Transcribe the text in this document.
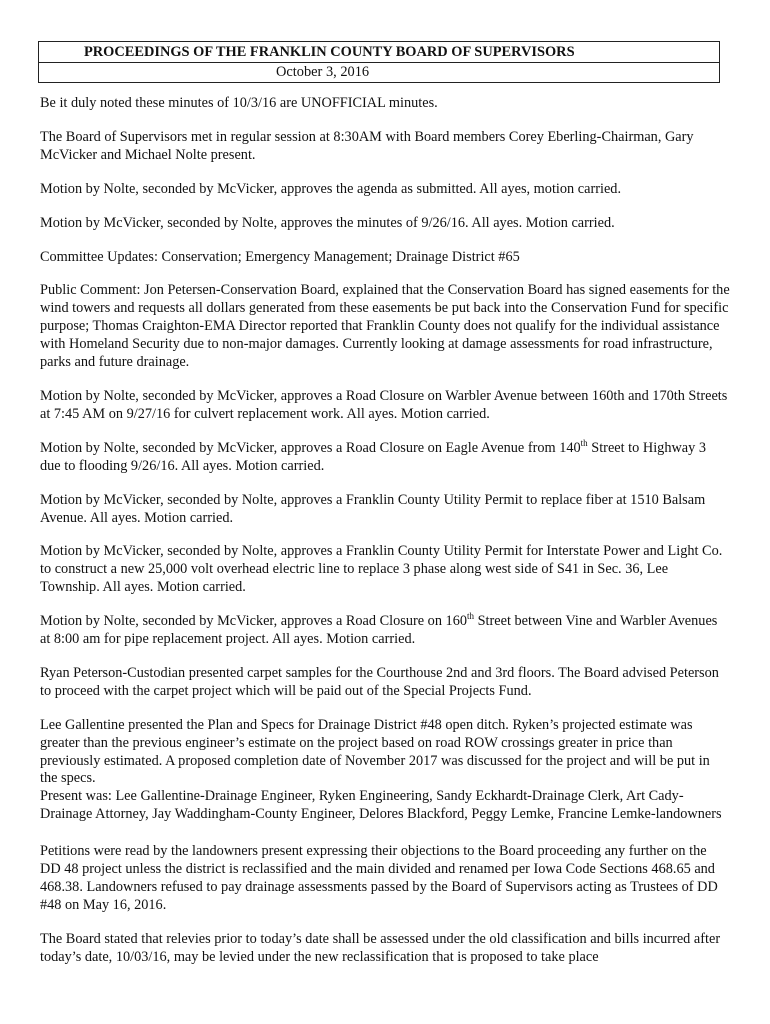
PROCEEDINGS OF THE FRANKLIN COUNTY BOARD OF SUPERVISORS
October 3, 2016

Be it duly noted these minutes of 10/3/16 are UNOFFICIAL minutes.

The Board of Supervisors met in regular session at 8:30AM with Board members Corey Eberling-Chairman, Gary McVicker and Michael Nolte present.

Motion by Nolte, seconded by McVicker, approves the agenda as submitted. All ayes, motion carried.

Motion by McVicker, seconded by Nolte, approves the minutes of 9/26/16. All ayes. Motion carried.

Committee Updates: Conservation; Emergency Management; Drainage District #65

Public Comment: Jon Petersen-Conservation Board, explained that the Conservation Board has signed easements for the wind towers and requests all dollars generated from these easements be put back into the Conservation Fund for specific purpose; Thomas Craighton-EMA Director reported that Franklin County does not qualify for the individual assistance with Homeland Security due to non-major damages. Currently looking at damage assessments for road infrastructure, parks and future drainage.

Motion by Nolte, seconded by McVicker, approves a Road Closure on Warbler Avenue between 160th and 170th Streets at 7:45 AM on 9/27/16 for culvert replacement work. All ayes. Motion carried.

Motion by Nolte, seconded by McVicker, approves a Road Closure on Eagle Avenue from 140th Street to Highway 3 due to flooding 9/26/16. All ayes. Motion carried.

Motion by McVicker, seconded by Nolte, approves a Franklin County Utility Permit to replace fiber at 1510 Balsam Avenue. All ayes. Motion carried.

Motion by McVicker, seconded by Nolte, approves a Franklin County Utility Permit for Interstate Power and Light Co. to construct a new 25,000 volt overhead electric line to replace 3 phase along west side of S41 in Sec. 36, Lee Township. All ayes. Motion carried.

Motion by Nolte, seconded by McVicker, approves a Road Closure on 160th Street between Vine and Warbler Avenues at 8:00 am for pipe replacement project. All ayes. Motion carried.

Ryan Peterson-Custodian presented carpet samples for the Courthouse 2nd and 3rd floors. The Board advised Peterson to proceed with the carpet project which will be paid out of the Special Projects Fund.

Lee Gallentine presented the Plan and Specs for Drainage District #48 open ditch. Ryken’s projected estimate was greater than the previous engineer’s estimate on the project based on road ROW crossings greater in price than previously estimated. A proposed completion date of November 2017 was discussed for the project and will be put in the specs.

Present was: Lee Gallentine-Drainage Engineer, Ryken Engineering, Sandy Eckhardt-Drainage Clerk, Art Cady-Drainage Attorney, Jay Waddingham-County Engineer, Delores Blackford, Peggy Lemke, Francine Lemke-landowners

Petitions were read by the landowners present expressing their objections to the Board proceeding any further on the DD 48 project unless the district is reclassified and the main divided and renamed per Iowa Code Sections 468.65 and 468.38. Landowners refused to pay drainage assessments passed by the Board of Supervisors acting as Trustees of DD #48 on May 16, 2016.

The Board stated that relevies prior to today’s date shall be assessed under the old classification and bills incurred after today’s date, 10/03/16, may be levied under the new reclassification that is proposed to take place
